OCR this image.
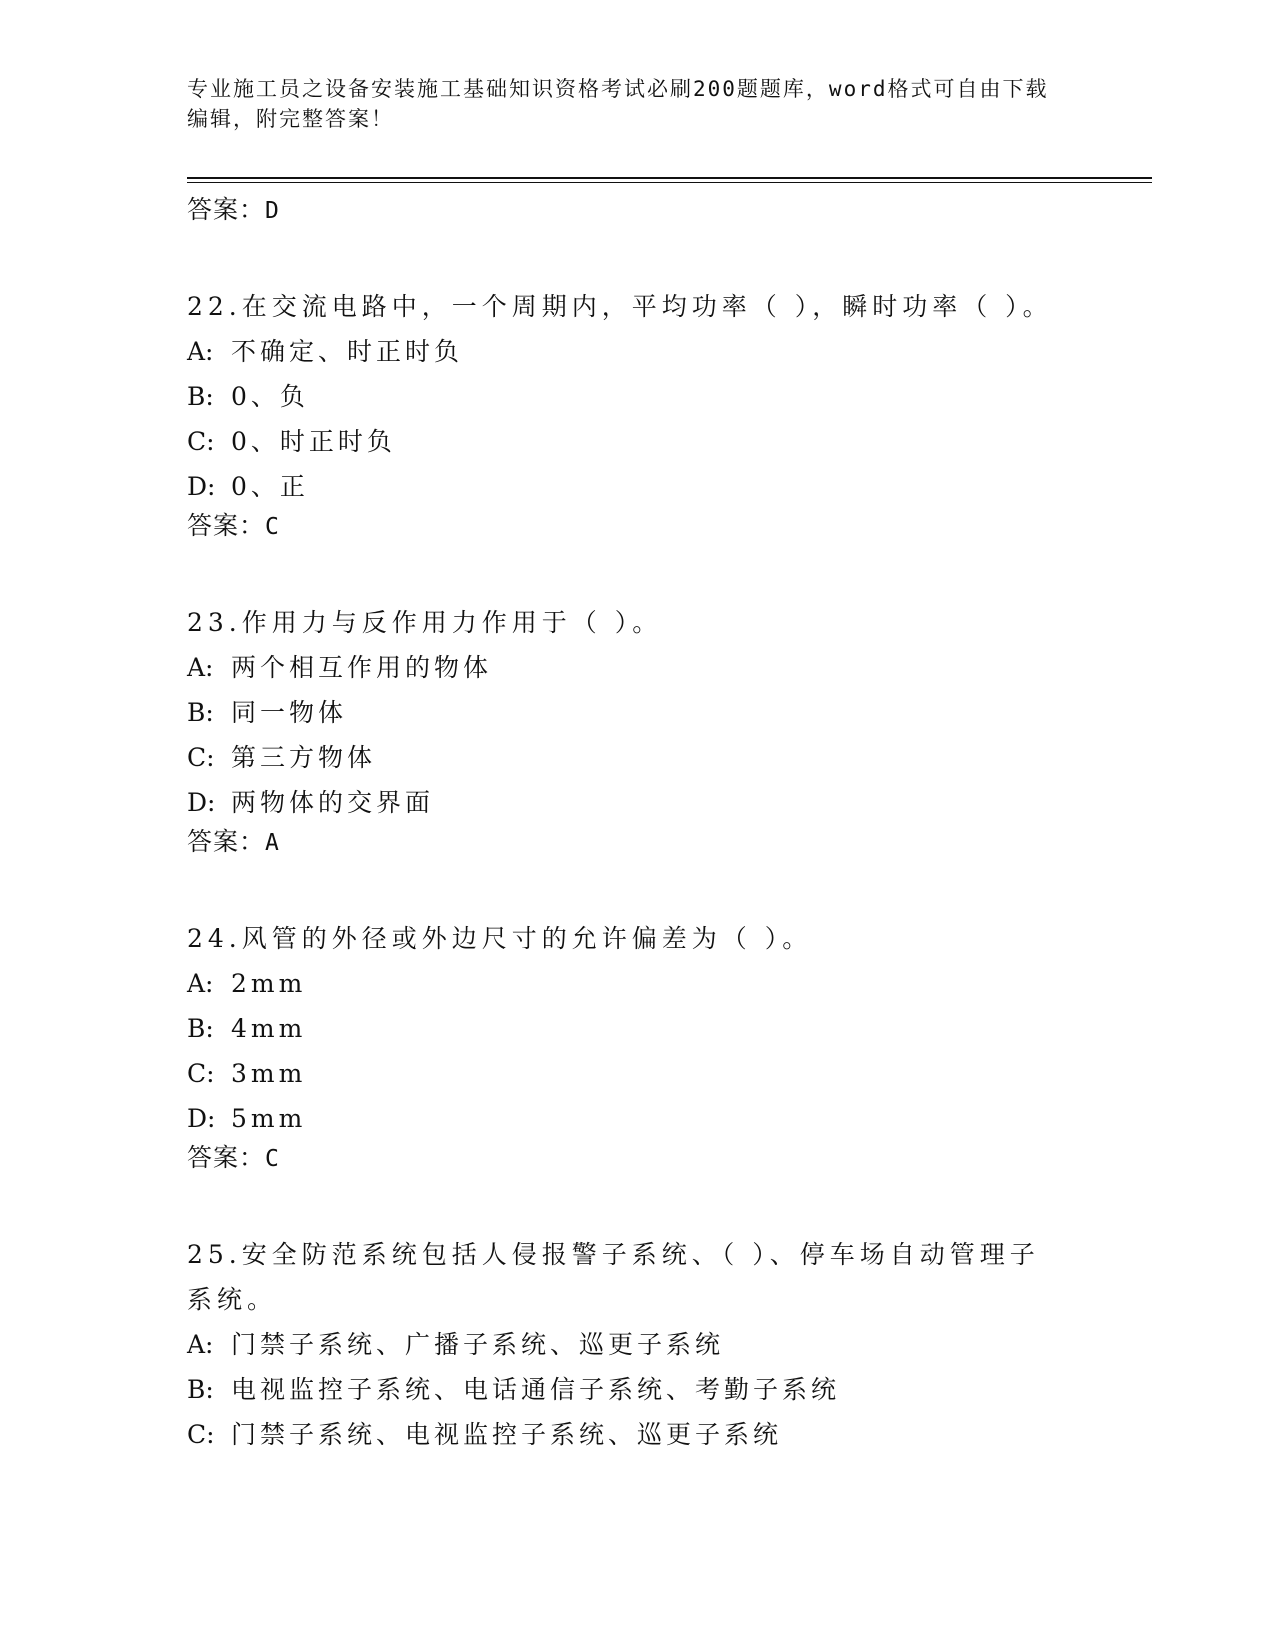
专业施工员之设备安装施工基础知识资格考试必刷200题题库，word格式可自由下载编辑，附完整答案！
答案：D
22.在交流电路中，一个周期内，平均功率（ ），瞬时功率（ ）。
A: 不确定、时正时负
B: 0、负
C: 0、时正时负
D: 0、正
答案：C
23.作用力与反作用力作用于（ ）。
A: 两个相互作用的物体
B: 同一物体
C: 第三方物体
D: 两物体的交界面
答案：A
24.风管的外径或外边尺寸的允许偏差为（ ）。
A: 2mm
B: 4mm
C: 3mm
D: 5mm
答案：C
25.安全防范系统包括人侵报警子系统、（ ）、停车场自动管理子系统。
A: 门禁子系统、广播子系统、巡更子系统
B: 电视监控子系统、电话通信子系统、考勤子系统
C: 门禁子系统、电视监控子系统、巡更子系统
